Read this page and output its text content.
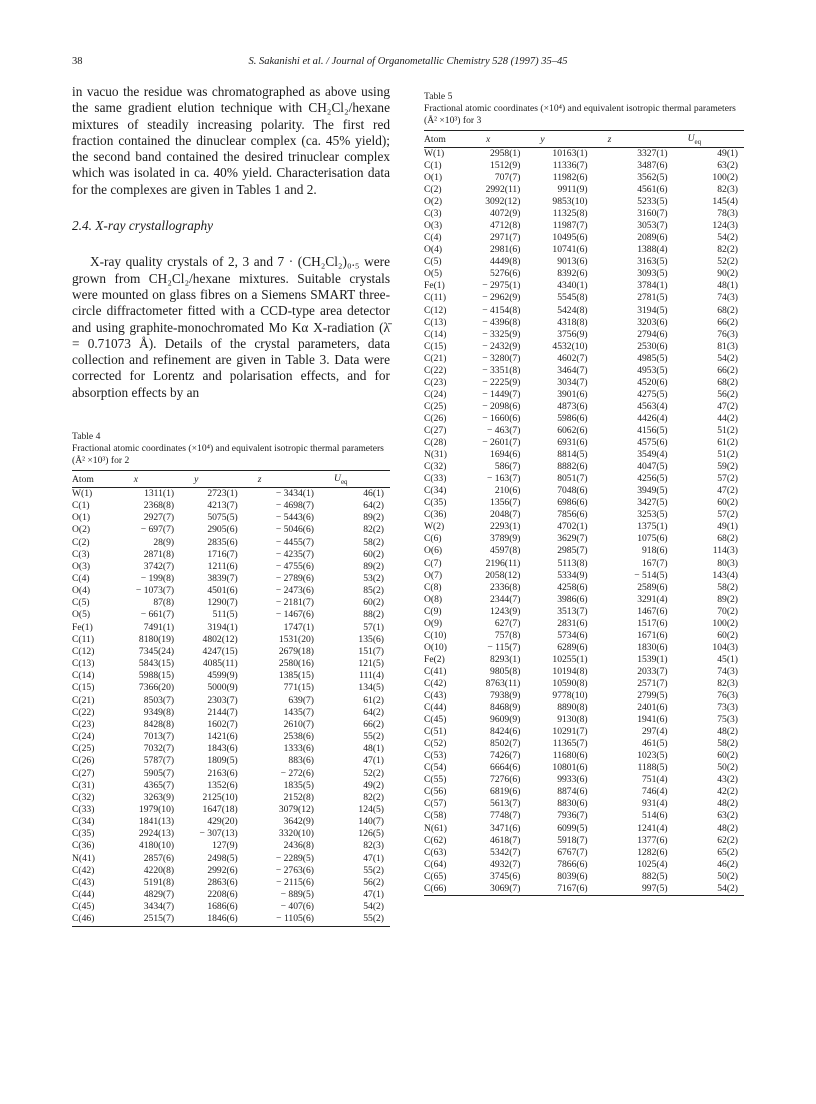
38	S. Sakanishi et al. / Journal of Organometallic Chemistry 528 (1997) 35–45

in vacuo the residue was chromatographed as above using the same gradient elution technique with CH₂Cl₂/hexane mixtures of steadily increasing polarity. The first red fraction contained the dinuclear complex (ca. 45% yield); the second band contained the desired trinuclear complex which was isolated in ca. 40% yield. Characterisation data for the complexes are given in Tables 1 and 2.

2.4. X-ray crystallography

X-ray quality crystals of 2, 3 and 7 · (CH₂Cl₂)₀.₅ were grown from CH₂Cl₂/hexane mixtures. Suitable crystals were mounted on glass fibres on a Siemens SMART three-circle diffractometer fitted with a CCD-type area detector and using graphite-monochromated Mo Kα X-radiation (λ̄ = 0.71073 Å). Details of the crystal parameters, data collection and refinement are given in Table 3. Data were corrected for Lorentz and polarisation effects, and for absorption effects by an

Table 4
Fractional atomic coordinates (×10⁴) and equivalent isotropic thermal parameters (Å² ×10³) for 2
Atom	x	y	z	$U_{eq}$
W(1)	1311(1)	2723(1)	− 3434(1)	46(1)
C(1)	2368(8)	4213(7)	− 4698(7)	64(2)
O(1)	2927(7)	5075(5)	− 5443(6)	89(2)
O(2)	− 697(7)	2905(6)	− 5046(6)	82(2)
C(2)	28(9)	2835(6)	− 4455(7)	58(2)
C(3)	2871(8)	1716(7)	− 4235(7)	60(2)
O(3)	3742(7)	1211(6)	− 4755(6)	89(2)
C(4)	− 199(8)	3839(7)	− 2789(6)	53(2)
O(4)	− 1073(7)	4501(6)	− 2473(6)	85(2)
C(5)	87(8)	1290(7)	− 2181(7)	60(2)
O(5)	− 661(7)	511(5)	− 1467(6)	88(2)
Fe(1)	7491(1)	3194(1)	1747(1)	57(1)
C(11)	8180(19)	4802(12)	1531(20)	135(6)
C(12)	7345(24)	4247(15)	2679(18)	151(7)
C(13)	5843(15)	4085(11)	2580(16)	121(5)
C(14)	5988(15)	4599(9)	1385(15)	111(4)
C(15)	7366(20)	5000(9)	771(15)	134(5)
C(21)	8503(7)	2303(7)	639(7)	61(2)
C(22)	9349(8)	2144(7)	1435(7)	64(2)
C(23)	8428(8)	1602(7)	2610(7)	66(2)
C(24)	7013(7)	1421(6)	2538(6)	55(2)
C(25)	7032(7)	1843(6)	1333(6)	48(1)
C(26)	5787(7)	1809(5)	883(6)	47(1)
C(27)	5905(7)	2163(6)	− 272(6)	52(2)
C(31)	4365(7)	1352(6)	1835(5)	49(2)
C(32)	3263(9)	2125(10)	2152(8)	82(2)
C(33)	1979(10)	1647(18)	3079(12)	124(5)
C(34)	1841(13)	429(20)	3642(9)	140(7)
C(35)	2924(13)	− 307(13)	3320(10)	126(5)
C(36)	4180(10)	127(9)	2436(8)	82(3)
N(41)	2857(6)	2498(5)	− 2289(5)	47(1)
C(42)	4220(8)	2992(6)	− 2763(6)	55(2)
C(43)	5191(8)	2863(6)	− 2115(6)	56(2)
C(44)	4829(7)	2208(6)	− 889(5)	47(1)
C(45)	3434(7)	1686(6)	− 407(6)	54(2)
C(46)	2515(7)	1846(6)	− 1105(6)	55(2)
Table 5
Fractional atomic coordinates (×10⁴) and equivalent isotropic thermal parameters (Å² ×10³) for 3
Atom	x	y	z	$U_{eq}$
W(1)	2958(1)	10163(1)	3327(1)	49(1)
C(1)	1512(9)	11336(7)	3487(6)	63(2)
O(1)	707(7)	11982(6)	3562(5)	100(2)
C(2)	2992(11)	9911(9)	4561(6)	82(3)
O(2)	3092(12)	9853(10)	5233(5)	145(4)
C(3)	4072(9)	11325(8)	3160(7)	78(3)
O(3)	4712(8)	11987(7)	3053(7)	124(3)
C(4)	2971(7)	10495(6)	2089(6)	54(2)
O(4)	2981(6)	10741(6)	1388(4)	82(2)
C(5)	4449(8)	9013(6)	3163(5)	52(2)
O(5)	5276(6)	8392(6)	3093(5)	90(2)
Fe(1)	− 2975(1)	4340(1)	3784(1)	48(1)
C(11)	− 2962(9)	5545(8)	2781(5)	74(3)
C(12)	− 4154(8)	5424(8)	3194(5)	68(2)
C(13)	− 4396(8)	4318(8)	3203(6)	66(2)
C(14)	− 3325(9)	3756(9)	2794(6)	76(3)
C(15)	− 2432(9)	4532(10)	2530(6)	81(3)
C(21)	− 3280(7)	4602(7)	4985(5)	54(2)
C(22)	− 3351(8)	3464(7)	4953(5)	66(2)
C(23)	− 2225(9)	3034(7)	4520(6)	68(2)
C(24)	− 1449(7)	3901(6)	4275(5)	56(2)
C(25)	− 2098(6)	4873(6)	4563(4)	47(2)
C(26)	− 1660(6)	5986(6)	4426(4)	44(2)
C(27)	− 463(7)	6062(6)	4156(5)	51(2)
C(28)	− 2601(7)	6931(6)	4575(6)	61(2)
N(31)	1694(6)	8814(5)	3549(4)	51(2)
C(32)	586(7)	8882(6)	4047(5)	59(2)
C(33)	− 163(7)	8051(7)	4256(5)	57(2)
C(34)	210(6)	7048(6)	3949(5)	47(2)
C(35)	1356(7)	6986(6)	3427(5)	60(2)
C(36)	2048(7)	7856(6)	3253(5)	57(2)
W(2)	2293(1)	4702(1)	1375(1)	49(1)
C(6)	3789(9)	3629(7)	1075(6)	68(2)
O(6)	4597(8)	2985(7)	918(6)	114(3)
C(7)	2196(11)	5113(8)	167(7)	80(3)
O(7)	2058(12)	5334(9)	− 514(5)	143(4)
C(8)	2336(8)	4258(6)	2589(6)	58(2)
O(8)	2344(7)	3986(6)	3291(4)	89(2)
C(9)	1243(9)	3513(7)	1467(6)	70(2)
O(9)	627(7)	2831(6)	1517(6)	100(2)
C(10)	757(8)	5734(6)	1671(6)	60(2)
O(10)	− 115(7)	6289(6)	1830(6)	104(3)
Fe(2)	8293(1)	10255(1)	1539(1)	45(1)
C(41)	9805(8)	10194(8)	2033(7)	74(3)
C(42)	8763(11)	10590(8)	2571(7)	82(3)
C(43)	7938(9)	9778(10)	2799(5)	76(3)
C(44)	8468(9)	8890(8)	2401(6)	73(3)
C(45)	9609(9)	9130(8)	1941(6)	75(3)
C(51)	8424(6)	10291(7)	297(4)	48(2)
C(52)	8502(7)	11365(7)	461(5)	58(2)
C(53)	7426(7)	11680(6)	1023(5)	60(2)
C(54)	6664(6)	10801(6)	1188(5)	50(2)
C(55)	7276(6)	9933(6)	751(4)	43(2)
C(56)	6819(6)	8874(6)	746(4)	42(2)
C(57)	5613(7)	8830(6)	931(4)	48(2)
C(58)	7748(7)	7936(7)	514(6)	63(2)
N(61)	3471(6)	6099(5)	1241(4)	48(2)
C(62)	4618(7)	5918(7)	1377(6)	62(2)
C(63)	5342(7)	6767(7)	1282(6)	65(2)
C(64)	4932(7)	7866(6)	1025(4)	46(2)
C(65)	3745(6)	8039(6)	882(5)	50(2)
C(66)	3069(7)	7167(6)	997(5)	54(2)
